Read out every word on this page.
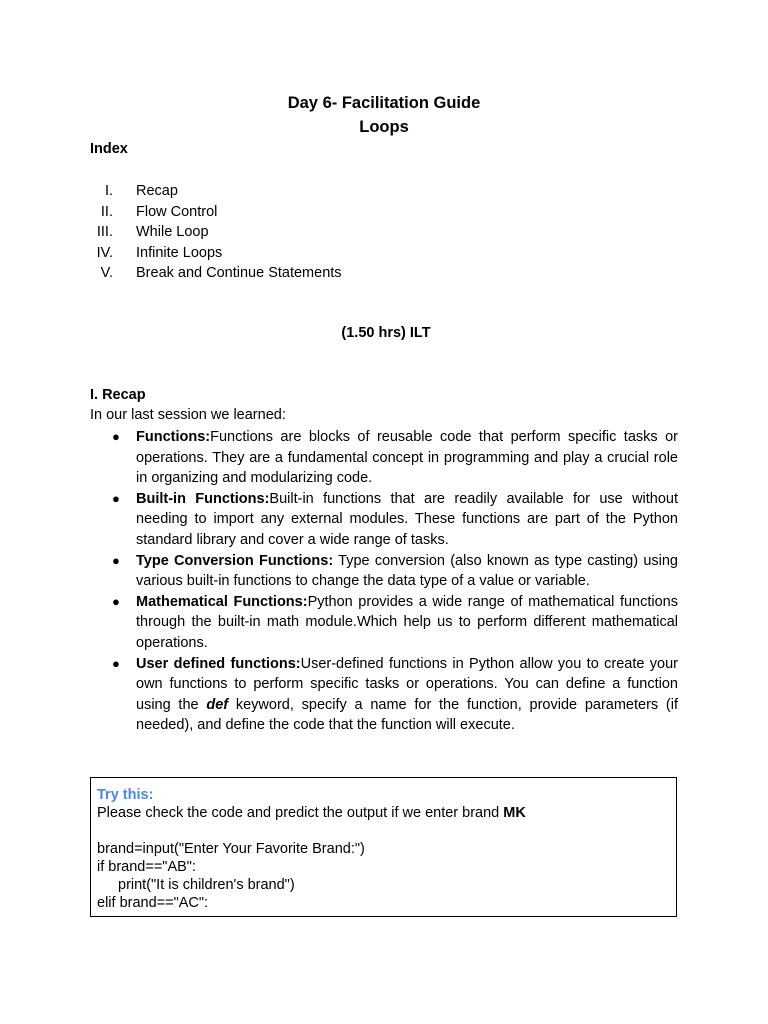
Day 6- Facilitation Guide
Loops
Index
I. Recap
II. Flow Control
III. While Loop
IV. Infinite Loops
V. Break and Continue Statements
(1.50 hrs) ILT
I. Recap
In our last session we learned:
● Functions:Functions are blocks of reusable code that perform specific tasks or operations. They are a fundamental concept in programming and play a crucial role in organizing and modularizing code.
● Built-in Functions:Built-in functions that are readily available for use without needing to import any external modules. These functions are part of the Python standard library and cover a wide range of tasks.
● Type Conversion Functions: Type conversion (also known as type casting) using various built-in functions to change the data type of a value or variable.
● Mathematical Functions:Python provides a wide range of mathematical functions through the built-in math module.Which help us to perform different mathematical operations.
● User defined functions:User-defined functions in Python allow you to create your own functions to perform specific tasks or operations. You can define a function using the def keyword, specify a name for the function, provide parameters (if needed), and define the code that the function will execute.
Try this:
Please check the code and predict the output if we enter brand MK
brand=input("Enter Your Favorite Brand:")
if brand=="AB":
print("It is children's brand")
elif brand=="AC":
